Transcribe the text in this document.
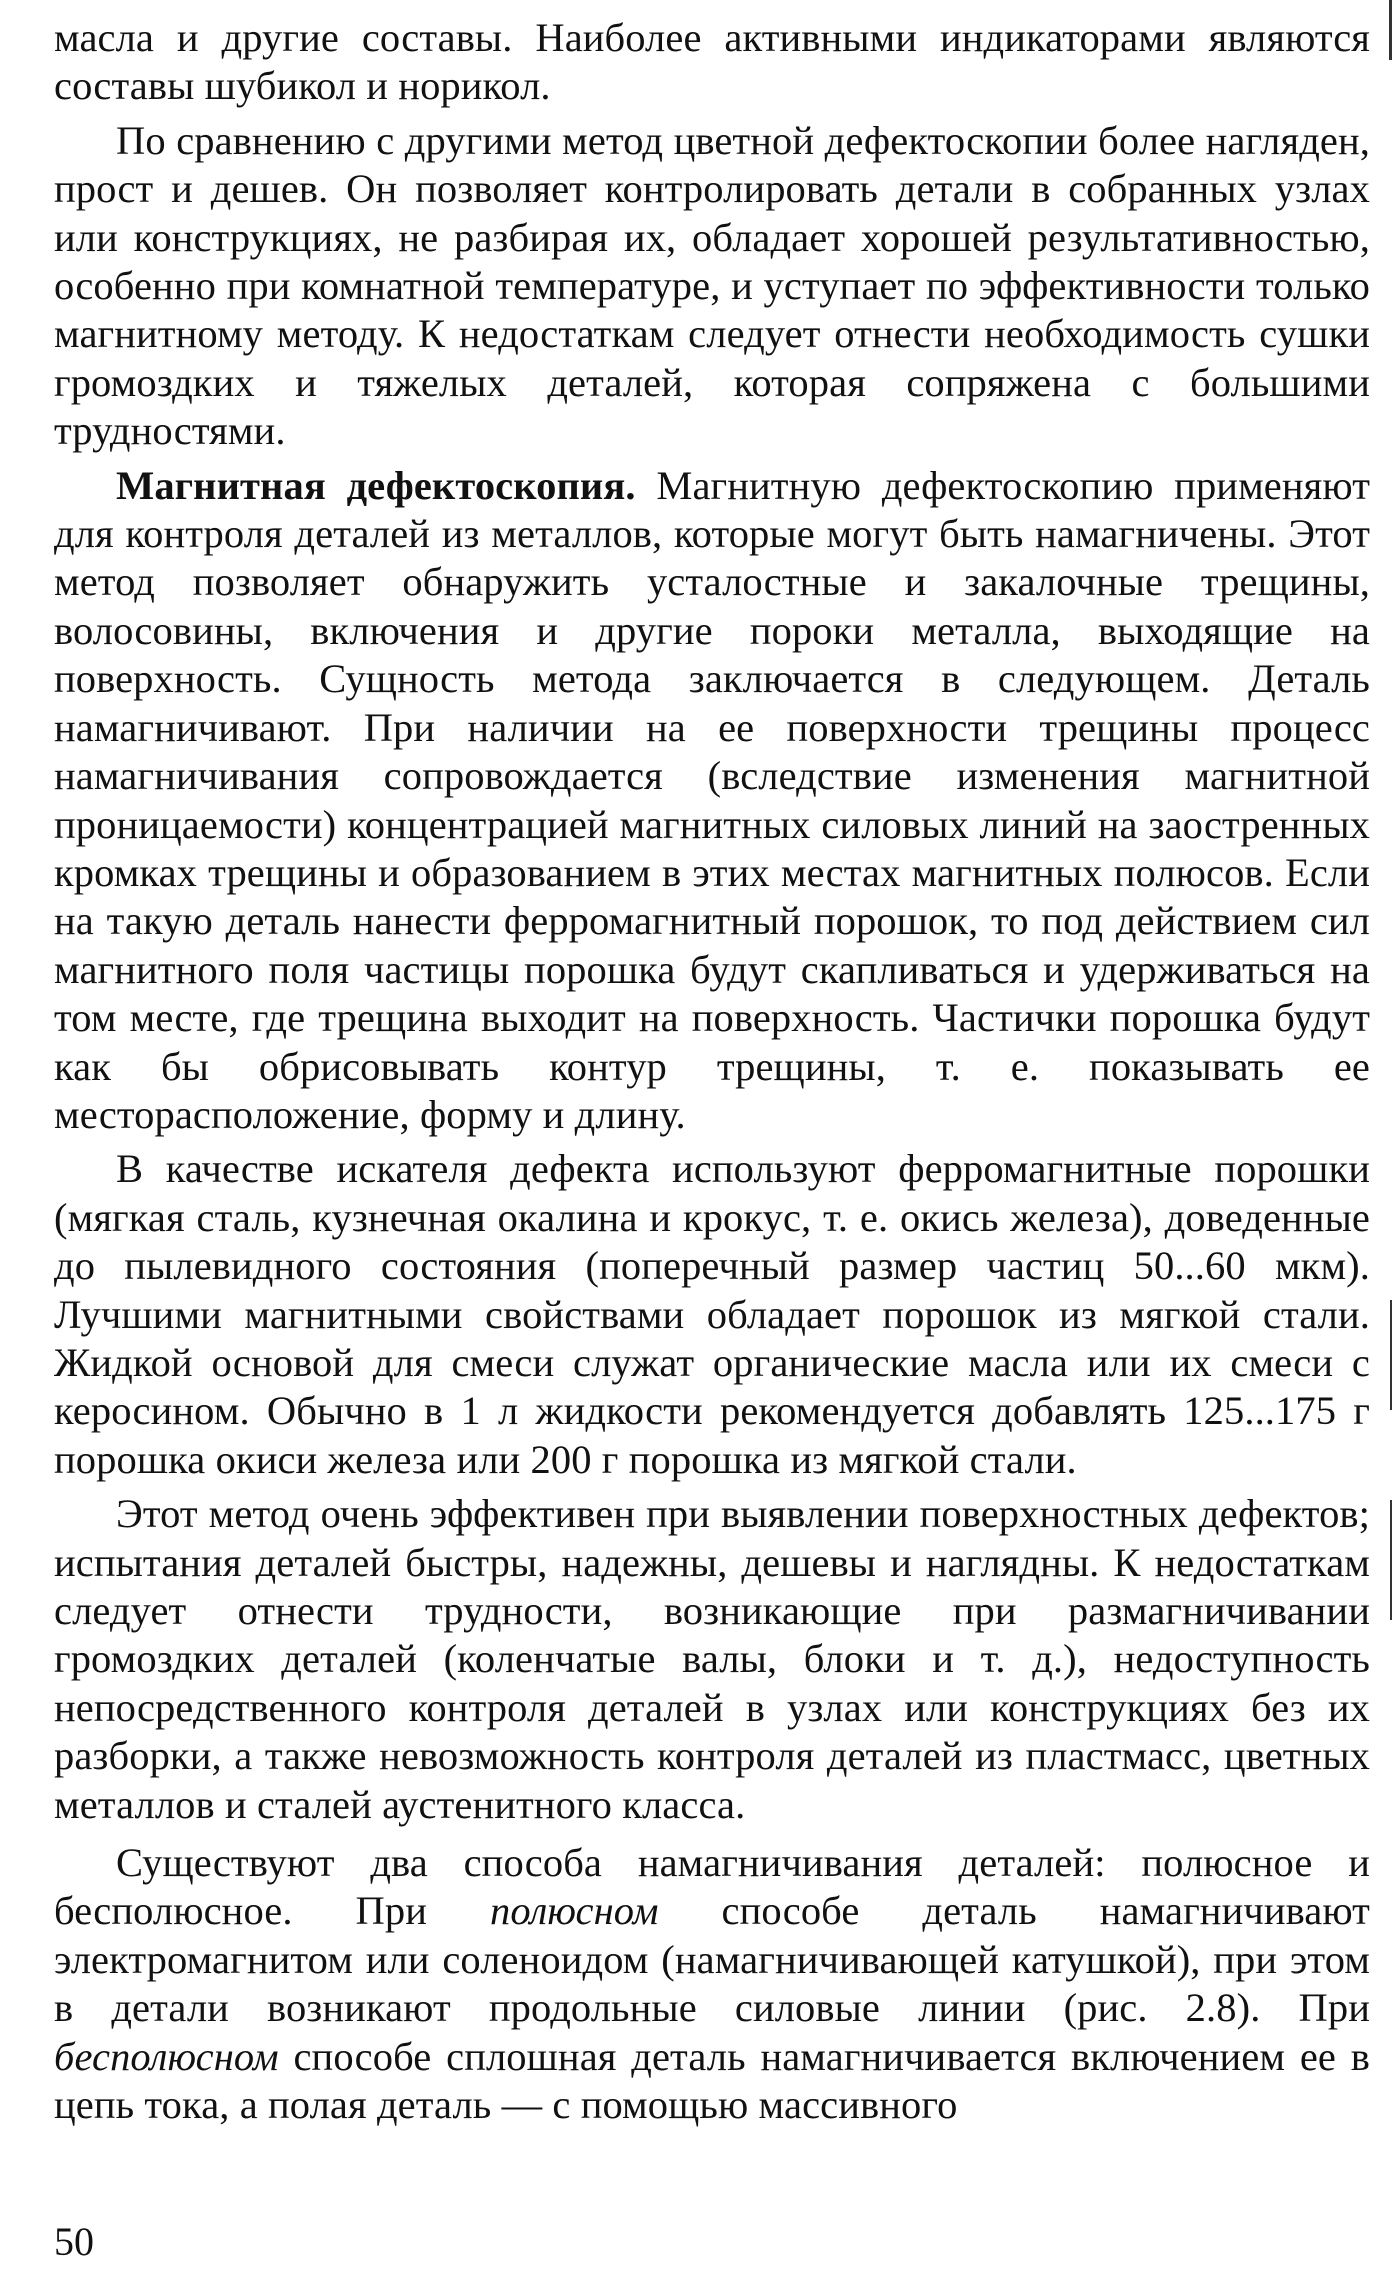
масла и другие составы. Наиболее активными индикаторами являются составы шубикол и норикол.

По сравнению с другими метод цветной дефектоскопии более нагляден, прост и дешев. Он позволяет контролировать детали в собранных узлах или конструкциях, не разбирая их, обладает хорошей результативностью, особенно при комнатной температуре, и уступает по эффективности только магнитному методу. К недостаткам следует отнести необходимость сушки громоздких и тяжелых деталей, которая сопряжена с большими трудностями.

Магнитная дефектоскопия. Магнитную дефектоскопию применяют для контроля деталей из металлов, которые могут быть намагничены. Этот метод позволяет обнаружить усталостные и закалочные трещины, волосовины, включения и другие пороки металла, выходящие на поверхность. Сущность метода заключается в следующем. Деталь намагничивают. При наличии на ее поверхности трещины процесс намагничивания сопровождается (вследствие изменения магнитной проницаемости) концентрацией магнитных силовых линий на заостренных кромках трещины и образованием в этих местах магнитных полюсов. Если на такую деталь нанести ферромагнитный порошок, то под действием сил магнитного поля частицы порошка будут скапливаться и удерживаться на том месте, где трещина выходит на поверхность. Частички порошка будут как бы обрисовывать контур трещины, т. е. показывать ее месторасположение, форму и длину.

В качестве искателя дефекта используют ферромагнитные порошки (мягкая сталь, кузнечная окалина и крокус, т. е. окись железа), доведенные до пылевидного состояния (поперечный размер частиц 50...60 мкм). Лучшими магнитными свойствами обладает порошок из мягкой стали. Жидкой основой для смеси служат органические масла или их смеси с керосином. Обычно в 1 л жидкости рекомендуется добавлять 125...175 г порошка окиси железа или 200 г порошка из мягкой стали.

Этот метод очень эффективен при выявлении поверхностных дефектов; испытания деталей быстры, надежны, дешевы и наглядны. К недостаткам следует отнести трудности, возникающие при размагничивании громоздких деталей (коленчатые валы, блоки и т. д.), недоступность непосредственного контроля деталей в узлах или конструкциях без их разборки, а также невозможность контроля деталей из пластмасс, цветных металлов и сталей аустенитного класса.

Существуют два способа намагничивания деталей: полюсное и бесполюсное. При полюсном способе деталь намагничивают электромагнитом или соленоидом (намагничивающей катушкой), при этом в детали возникают продольные силовые линии (рис. 2.8). При бесполюсном способе сплошная деталь намагничивается включением ее в цепь тока, а полая деталь — с помощью массивного

50
